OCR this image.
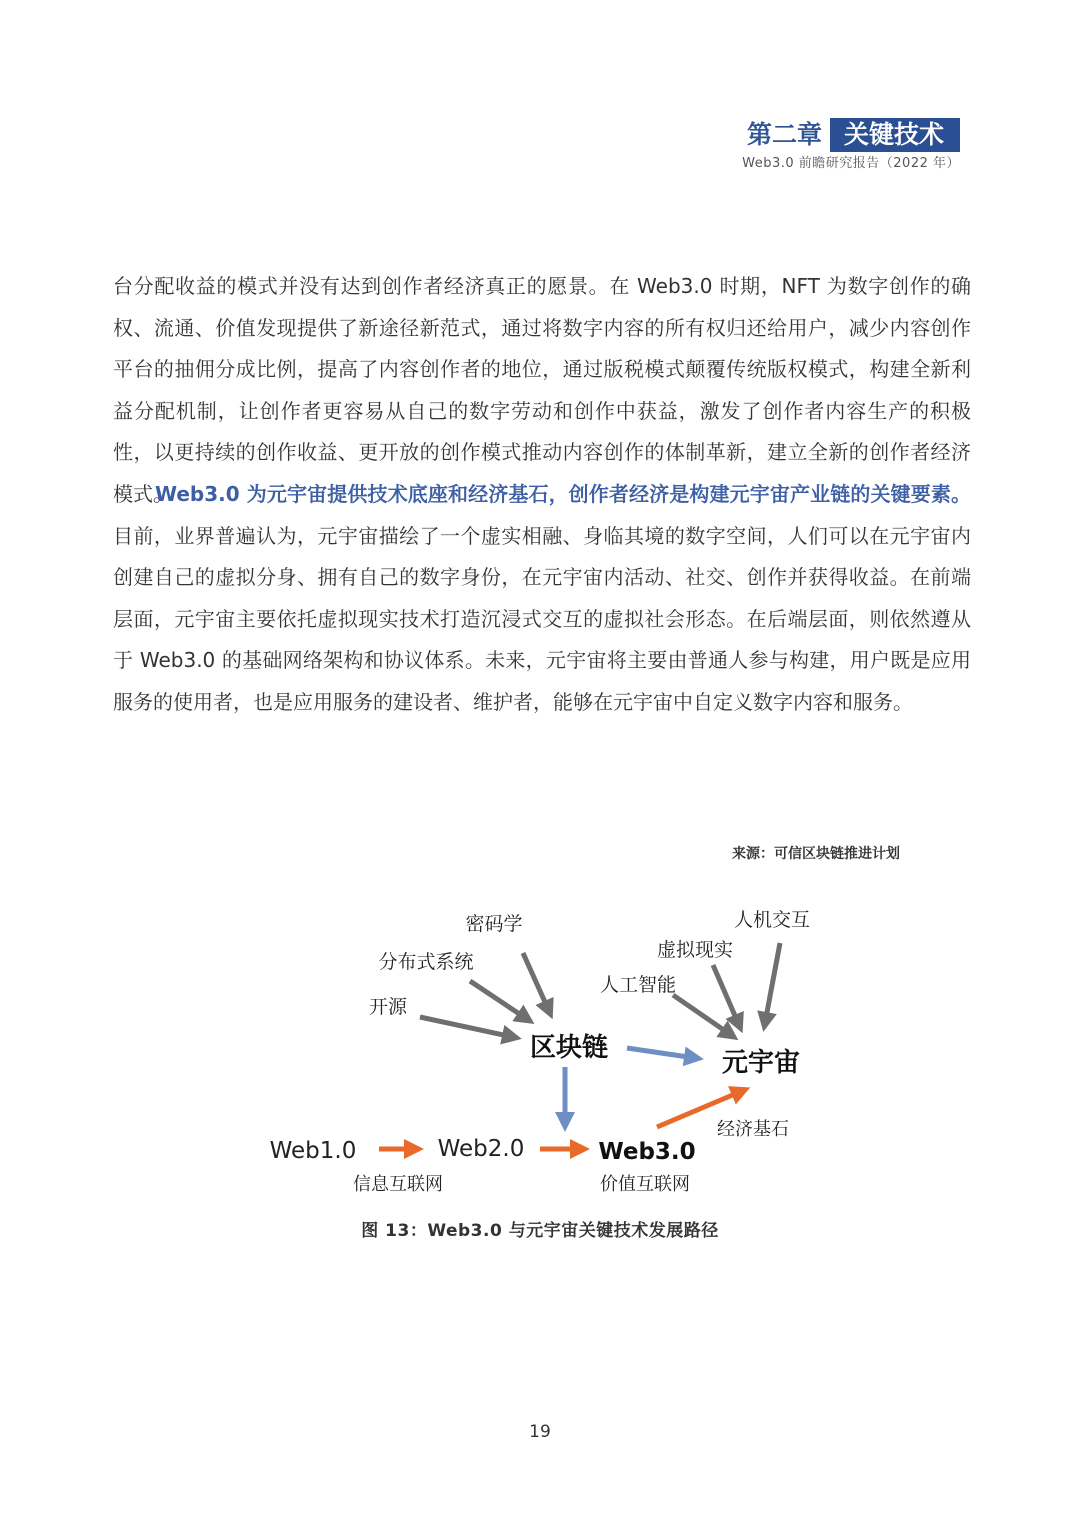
第二章 关键技术
Web3.0 前瞻研究报告（2022 年）
台分配收益的模式并没有达到创作者经济真正的愿景。在 Web3.0 时期，NFT 为数字创作的确权、流通、价值发现提供了新途径新范式，通过将数字内容的所有权归还给用户，减少内容创作平台的抽佣分成比例，提高了内容创作者的地位，通过版税模式颠覆传统版权模式，构建全新利益分配机制，让创作者更容易从自己的数字劳动和创作中获益，激发了创作者内容生产的积极性，以更持续的创作收益、更开放的创作模式推动内容创作的体制革新，建立全新的创作者经济模式。
Web3.0 为元宇宙提供技术底座和经济基石，创作者经济是构建元宇宙产业链的关键要素。目前，业界普遍认为，元宇宙描绘了一个虚实相融、身临其境的数字空间，人们可以在元宇宙内创建自己的虚拟分身、拥有自己的数字身份，在元宇宙内活动、社交、创作并获得收益。在前端层面，元宇宙主要依托虚拟现实技术打造沉浸式交互的虚拟社会形态。在后端层面，则依然遵从于 Web3.0 的基础网络架构和协议体系。未来，元宇宙将主要由普通人参与构建，用户既是应用服务的使用者，也是应用服务的建设者、维护者，能够在元宇宙中自定义数字内容和服务。
来源：可信区块链推进计划
密码学
分布式系统
开源
区块链
人机交互
虚拟现实
人工智能
元宇宙
Web1.0	Web2.0	Web3.0
信息互联网	价值互联网
经济基石
图 13：Web3.0 与元宇宙关键技术发展路径
19
